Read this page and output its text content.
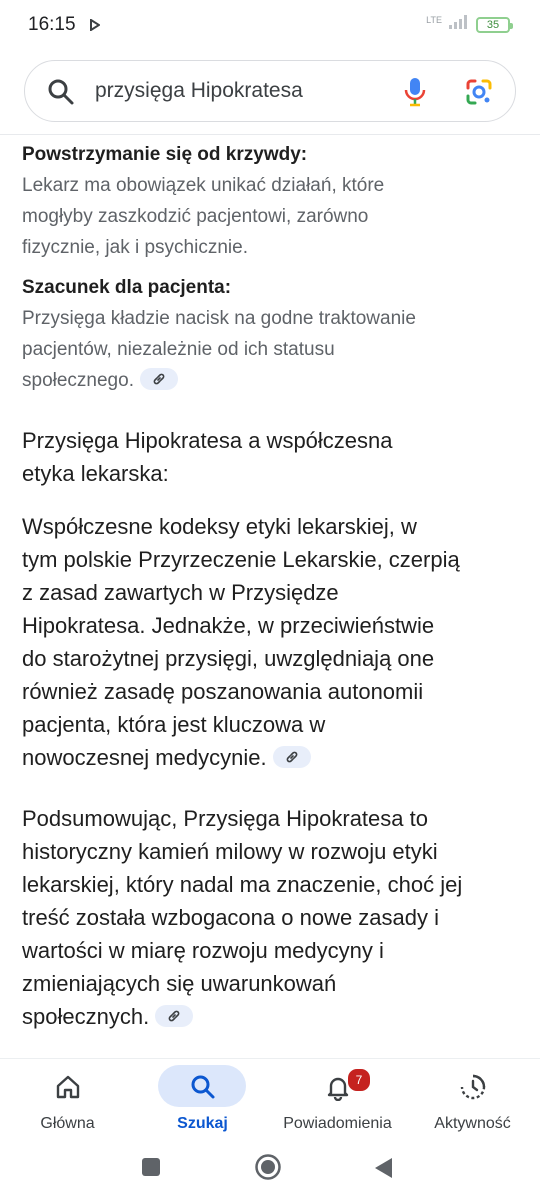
16:15	LTE	35
przysięga Hipokratesa

Powstrzymanie się od krzywdy:

Lekarz ma obowiązek unikać działań, które

mogłyby zaszkodzić pacjentowi, zarówno

fizycznie, jak i psychicznie.

Szacunek dla pacjenta:

Przysięga kładzie nacisk na godne traktowanie

pacjentów, niezależnie od ich statusu

społecznego.

Przysięga Hipokratesa a współczesna

etyka lekarska:

Współczesne kodeksy etyki lekarskiej, w

tym polskie Przyrzeczenie Lekarskie, czerpią

z zasad zawartych w Przysiędze

Hipokratesa. Jednakże, w przeciwieństwie

do starożytnej przysięgi, uwzględniają one

również zasadę poszanowania autonomii

pacjenta, która jest kluczowa w

nowoczesnej medycynie.

Podsumowując, Przysięga Hipokratesa to

historyczny kamień milowy w rozwoju etyki

lekarskiej, który nadal ma znaczenie, choć jej

treść została wzbogacona o nowe zasady i

wartości w miarę rozwoju medycyny i

zmieniających się uwarunkowań

społecznych.

Główna	Szukaj
7
Powiadomienia	Aktywność
